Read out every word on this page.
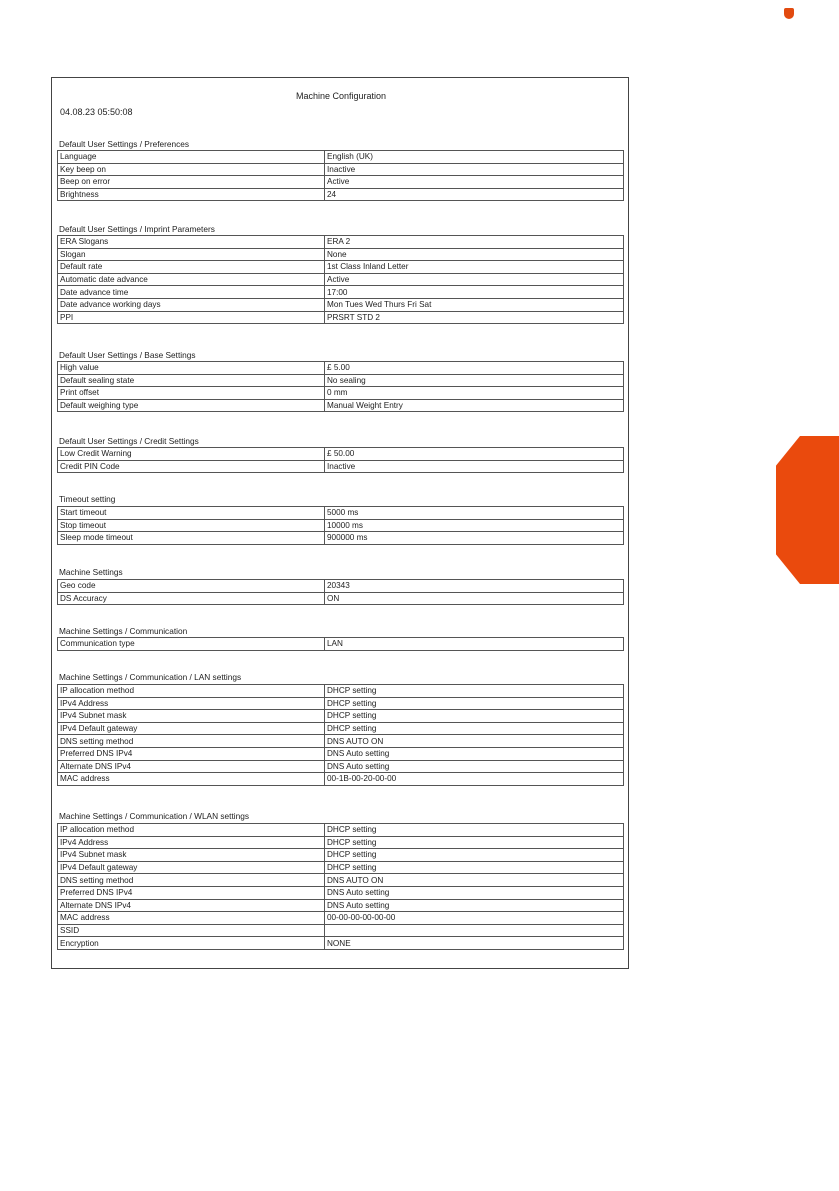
Machine Configuration
04.08.23 05:50:08
Default User Settings / Preferences
Language	English (UK)
Key beep on	Inactive
Beep on error	Active
Brightness	24
Default User Settings / Imprint Parameters
ERA Slogans	ERA 2
Slogan	None
Default rate	1st Class Inland Letter
Automatic date advance	Active
Date advance time	17:00
Date advance working days	Mon Tues Wed Thurs Fri Sat
PPI	PRSRT STD 2
Default User Settings / Base Settings
High value	£ 5.00
Default sealing state	No sealing
Print offset	0 mm
Default weighing type	Manual Weight Entry
Default User Settings / Credit Settings
Low Credit Warning	£ 50.00
Credit PIN Code	Inactive
Timeout setting
Start timeout	5000 ms
Stop timeout	10000 ms
Sleep mode timeout	900000 ms
Machine Settings
Geo code	20343
DS Accuracy	ON
Machine Settings / Communication
Communication type	LAN
Machine Settings / Communication / LAN settings
IP allocation method	DHCP setting
IPv4 Address	DHCP setting
IPv4 Subnet mask	DHCP setting
IPv4 Default gateway	DHCP setting
DNS setting method	DNS AUTO ON
Preferred DNS IPv4	DNS Auto setting
Alternate DNS IPv4	DNS Auto setting
MAC address	00-1B-00-20-00-00
Machine Settings / Communication / WLAN settings
IP allocation method	DHCP setting
IPv4 Address	DHCP setting
IPv4 Subnet mask	DHCP setting
IPv4 Default gateway	DHCP setting
DNS setting method	DNS AUTO ON
Preferred DNS IPv4	DNS Auto setting
Alternate DNS IPv4	DNS Auto setting
MAC address	00-00-00-00-00-00
SSID	
Encryption	NONE
